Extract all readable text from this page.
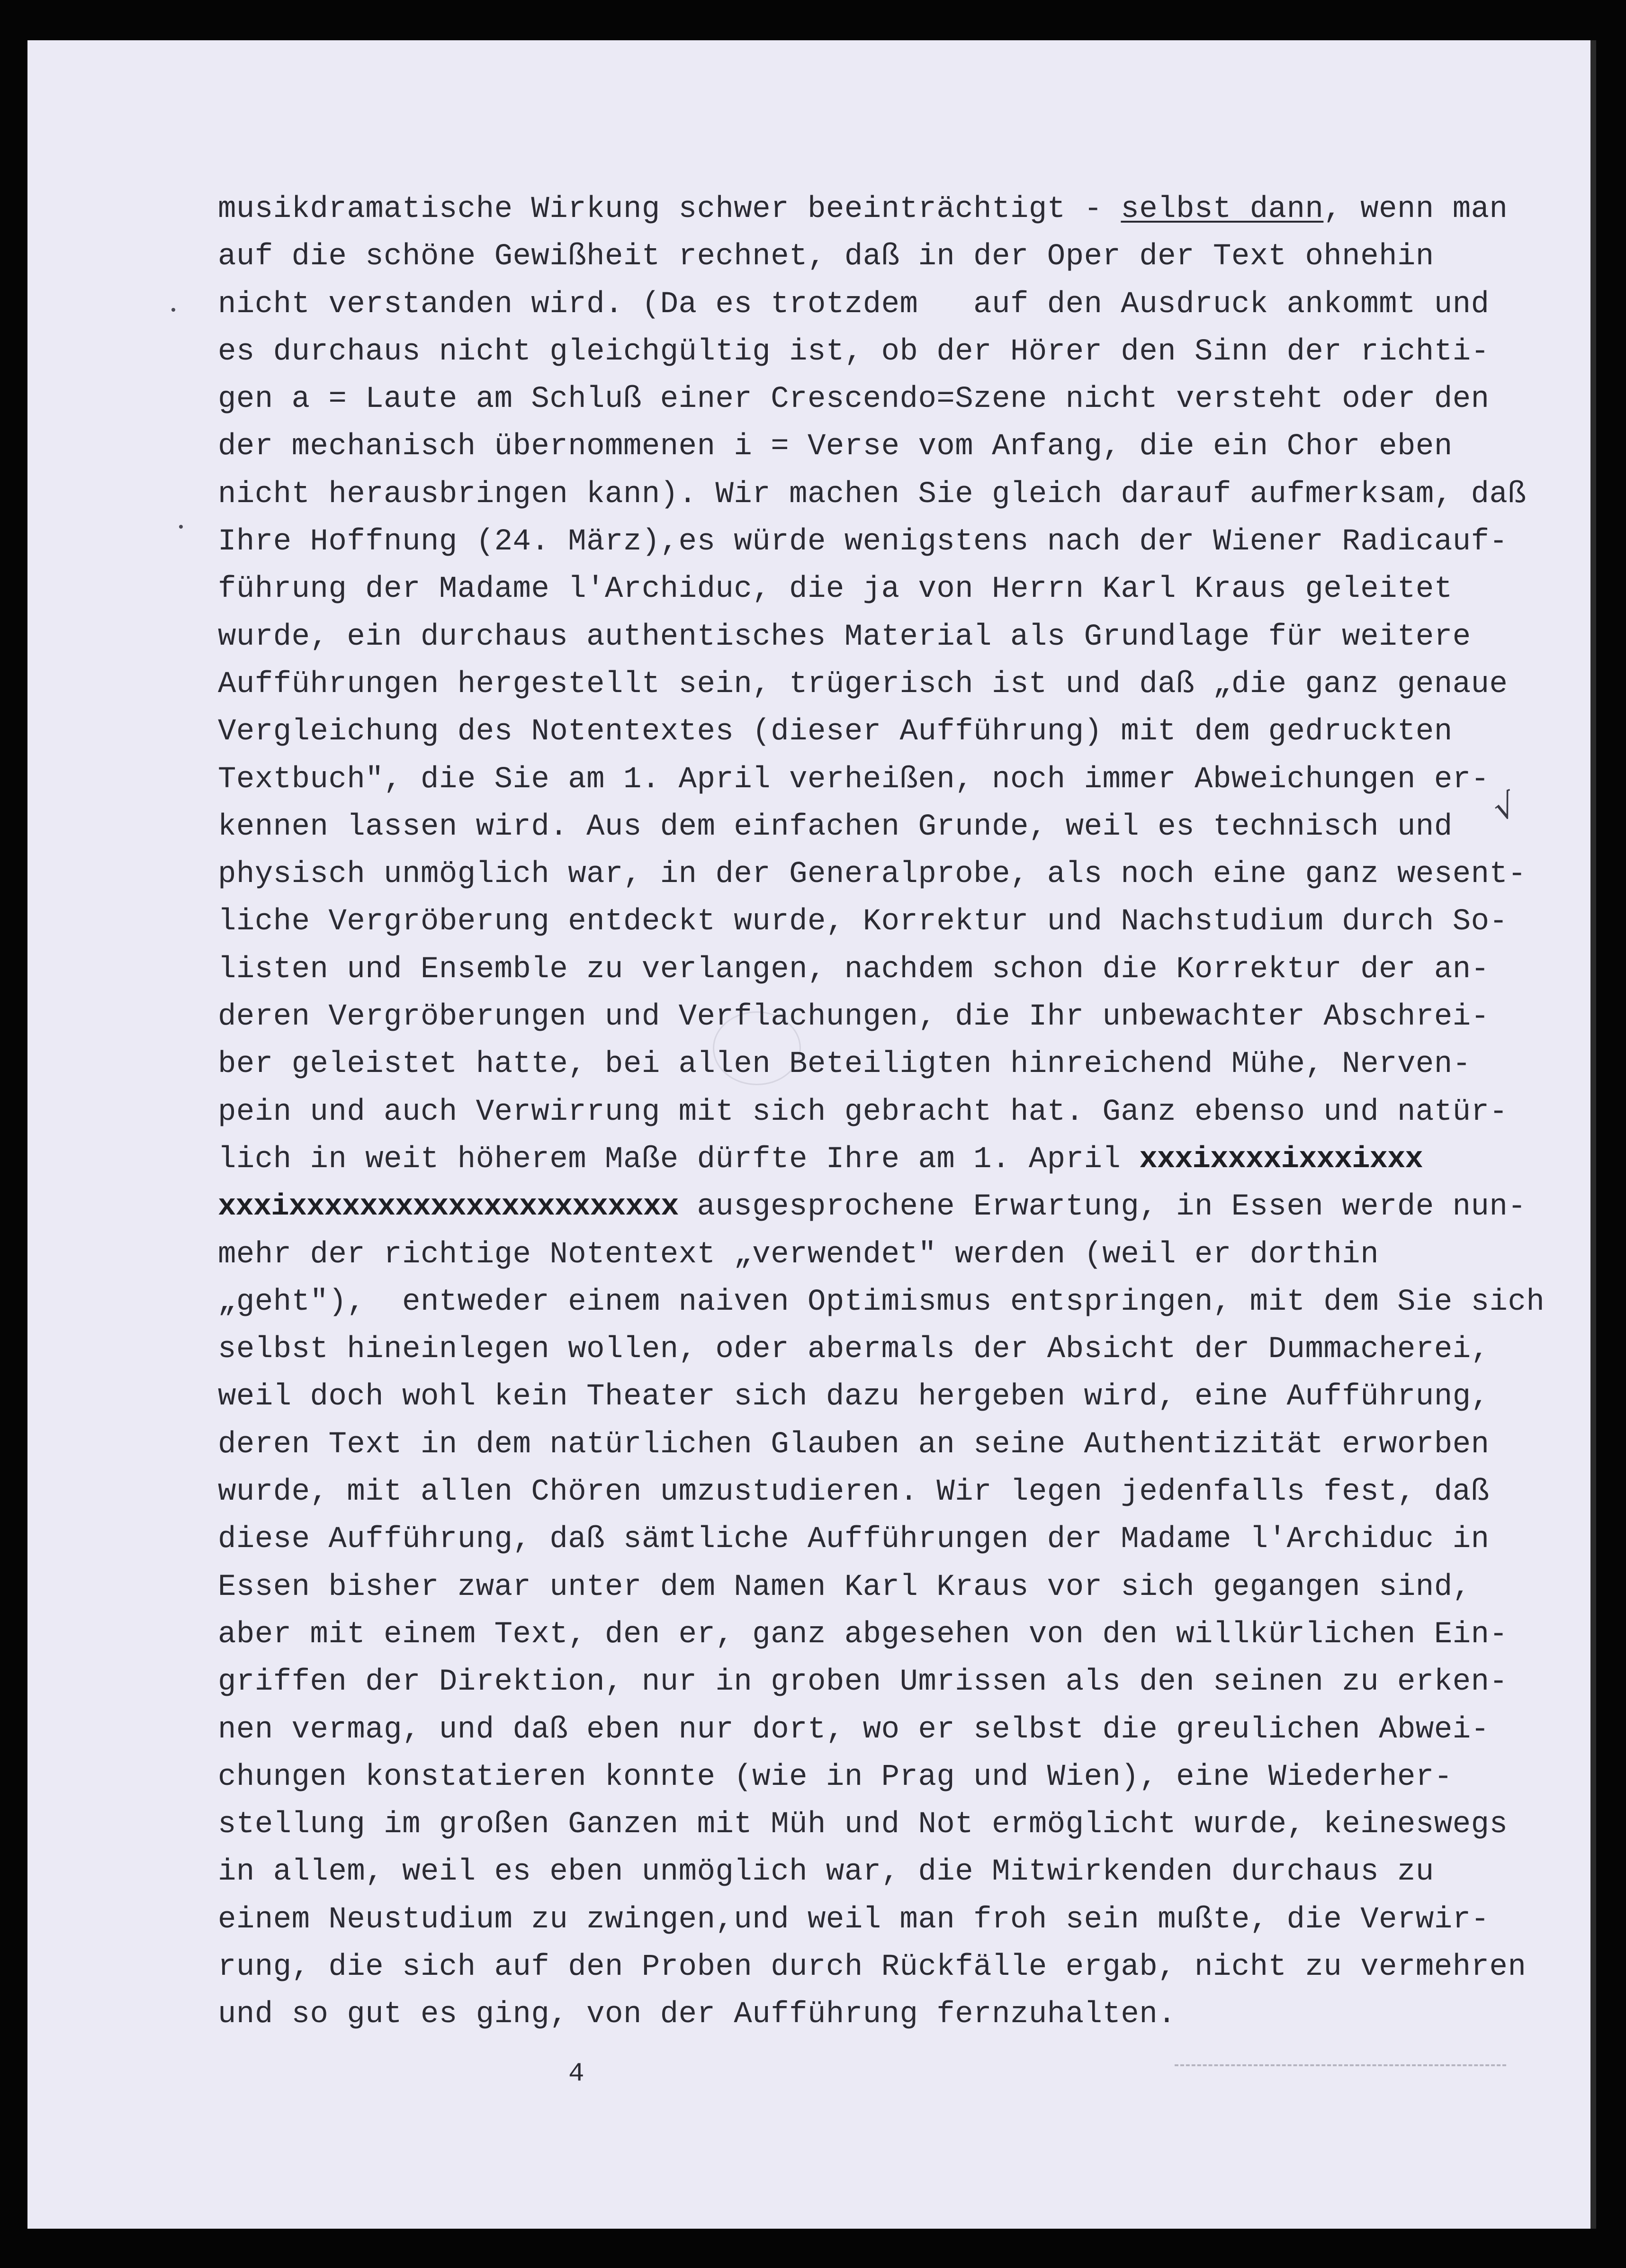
musikdramatische Wirkung schwer beeinträchtigt - selbst dann, wenn man
auf die schöne Gewißheit rechnet, daß in der Oper der Text ohnehin
nicht verstanden wird. (Da es trotzdem   auf den Ausdruck ankommt und
es durchaus nicht gleichgültig ist, ob der Hörer den Sinn der richti-
gen a = Laute am Schluß einer Crescendo=Szene nicht versteht oder den
der mechanisch übernommenen i = Verse vom Anfang, die ein Chor eben
nicht herausbringen kann). Wir machen Sie gleich darauf aufmerksam, daß
Ihre Hoffnung (24. März),es würde wenigstens nach der Wiener Radicauf-
führung der Madame l'Archiduc, die ja von Herrn Karl Kraus geleitet
wurde, ein durchaus authentisches Material als Grundlage für weitere
Aufführungen hergestellt sein, trügerisch ist und daß „die ganz genaue
Vergleichung des Notentextes (dieser Aufführung) mit dem gedruckten
Textbuch", die Sie am 1. April verheißen, noch immer Abweichungen er-
kennen lassen wird. Aus dem einfachen Grunde, weil es technisch und
physisch unmöglich war, in der Generalprobe, als noch eine ganz wesent-
liche Vergröberung entdeckt wurde, Korrektur und Nachstudium durch So-
listen und Ensemble zu verlangen, nachdem schon die Korrektur der an-
deren Vergröberungen und Verflachungen, die Ihr unbewachter Abschrei-
ber geleistet hatte, bei allen Beteiligten hinreichend Mühe, Nerven-
pein und auch Verwirrung mit sich gebracht hat. Ganz ebenso und natür-
lich in weit höherem Maße dürfte Ihre am 1. April xxxixxxxixxxixxx
xxxixxxxxxxxxxxxxxxxxxxxxx ausgesprochene Erwartung, in Essen werde nun-
mehr der richtige Notentext „verwendet" werden (weil er dorthin
„geht"),  entweder einem naiven Optimismus entspringen, mit dem Sie sich
selbst hineinlegen wollen, oder abermals der Absicht der Dummacherei,
weil doch wohl kein Theater sich dazu hergeben wird, eine Aufführung,
deren Text in dem natürlichen Glauben an seine Authentizität erworben
wurde, mit allen Chören umzustudieren. Wir legen jedenfalls fest, daß
diese Aufführung, daß sämtliche Aufführungen der Madame l'Archiduc in
Essen bisher zwar unter dem Namen Karl Kraus vor sich gegangen sind,
aber mit einem Text, den er, ganz abgesehen von den willkürlichen Ein-
griffen der Direktion, nur in groben Umrissen als den seinen zu erken-
nen vermag, und daß eben nur dort, wo er selbst die greulichen Abwei-
chungen konstatieren konnte (wie in Prag und Wien), eine Wiederher-
stellung im großen Ganzen mit Müh und Not ermöglicht wurde, keineswegs
in allem, weil es eben unmöglich war, die Mitwirkenden durchaus zu
einem Neustudium zu zwingen,und weil man froh sein mußte, die Verwir-
rung, die sich auf den Proben durch Rückfälle ergab, nicht zu vermehren
und so gut es ging, von der Aufführung fernzuhalten.
√
4
